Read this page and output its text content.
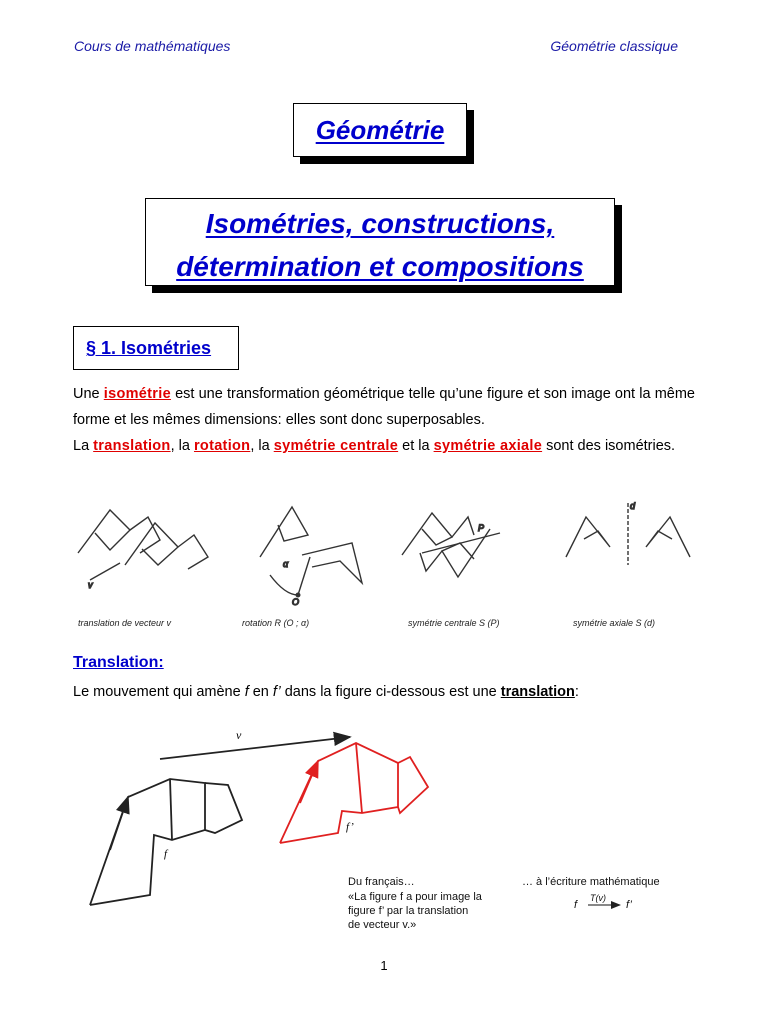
Cours de mathématiques	Géométrie classique
Géométrie
Isométries, constructions,
détermination et compositions
§ 1. Isométries
Une isométrie est une transformation géométrique telle qu’une figure et son image ont la même forme et les mêmes dimensions: elles sont donc superposables.
La translation, la rotation, la symétrie centrale et la symétrie axiale sont des isométries.
v
α
O
P
d
translation de vecteur v	rotation R (O ; α)	symétrie centrale S (P)	symétrie axiale S (d)
Translation:
Le mouvement qui amène f en f’ dans la figure ci-dessous est une translation:
v
f
f’
Du français…
«La figure f a pour image la
figure f’ par la translation
de vecteur v.»
… à l’écriture mathématique
f
T(v)
f’
1
